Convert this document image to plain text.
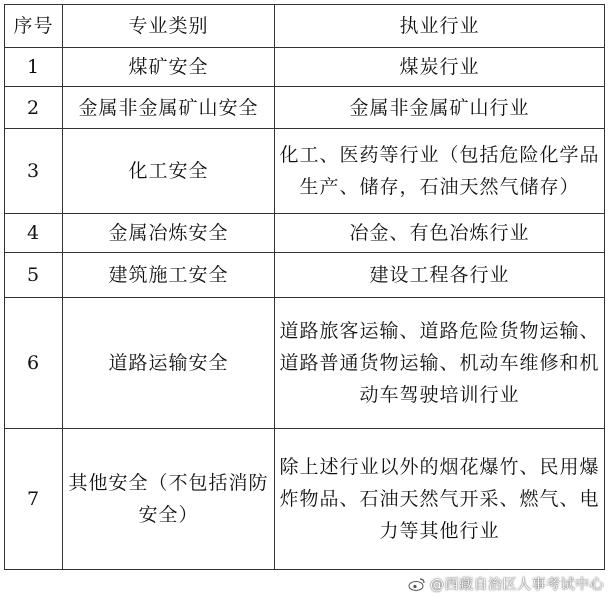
序号	专业类别	执业行业
1	煤矿安全	煤炭行业
2	金属非金属矿山安全	金属非金属矿山行业
3	化工安全	化工、医药等行业（包括危险化学品生产、储存，石油天然气储存）
4	金属冶炼安全	冶金、有色冶炼行业
5	建筑施工安全	建设工程各行业
6	道路运输安全	道路旅客运输、道路危险货物运输、道路普通货物运输、机动车维修和机动车驾驶培训行业
7	其他安全（不包括消防安全）	除上述行业以外的烟花爆竹、民用爆炸物品、石油天然气开采、燃气、电力等其他行业
@西藏自治区人事考试中心
